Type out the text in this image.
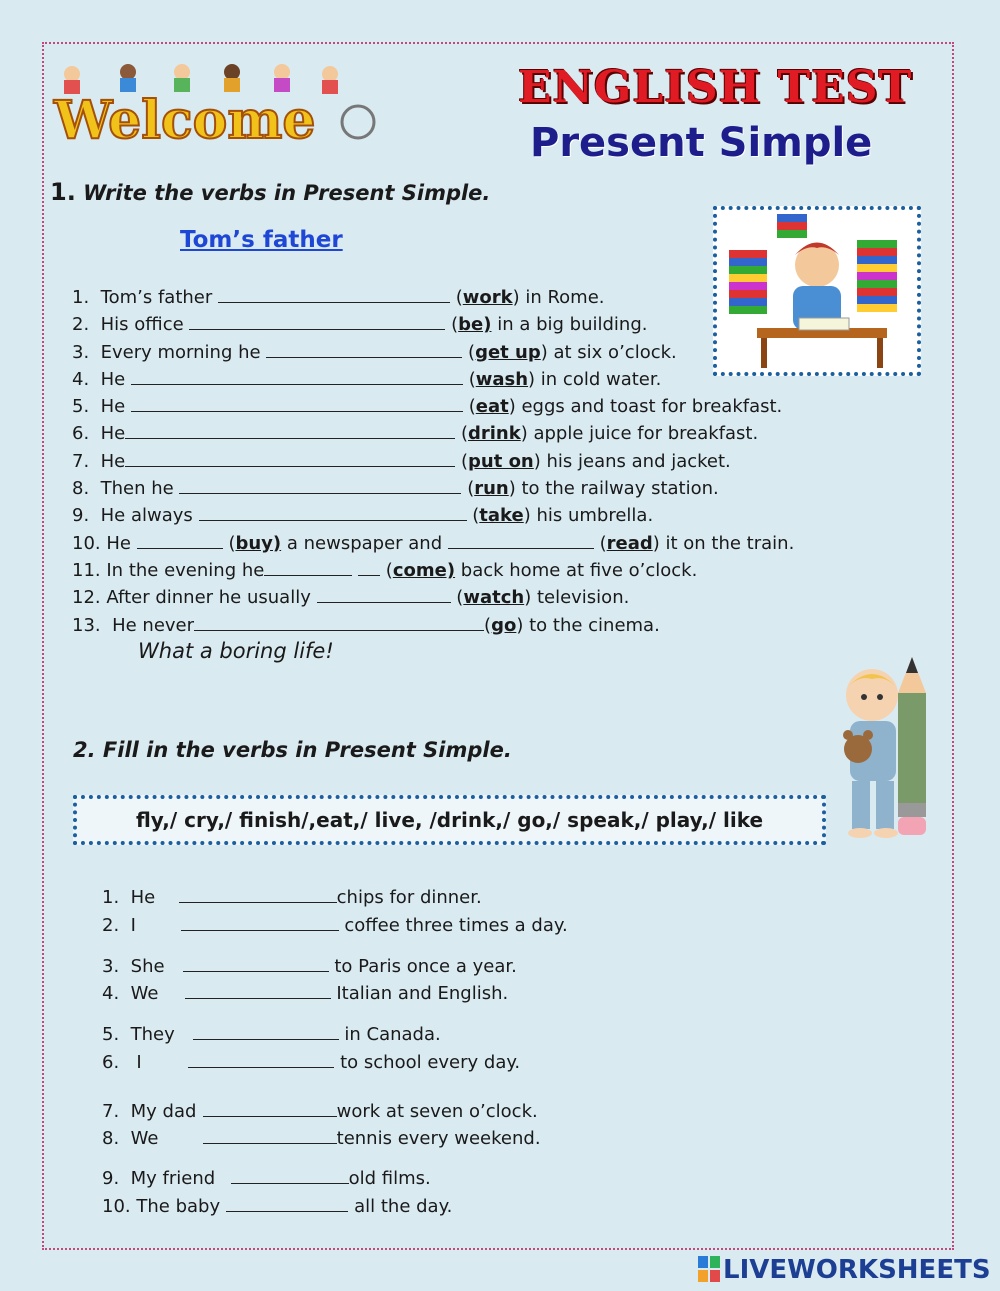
Welcome

ENGLISH TEST
Present Simple
1. Write the verbs in Present Simple.
Tom’s father
1. Tom’s father	(work) in Rome.
2. His office	(be) in a big building.
3. Every morning he	(get up) at six o’clock.
4. He	(wash) in cold water.
5. He	(eat) eggs and toast for breakfast.
6. He	(drink) apple juice for breakfast.
7. He	(put on) his jeans and jacket.
8. Then he	(run) to the railway station.
9. He always	(take) his umbrella.
10. He	(buy) a newspaper and	(read) it on the train.
11. In the evening he	(come) back home at five o’clock.
12. After dinner he usually	(watch) television.
13. He never	(go) to the cinema.
What a boring life!
2. Fill in the verbs in Present Simple.
fly,/ cry,/ finish/,eat,/ live, /drink,/ go,/ speak,/ play,/ like
1. He	chips for dinner.
2. I	coffee three times a day.
3. She	to Paris once a year.
4. We	Italian and English.
5. They	in Canada.
6. I	to school every day.
7. My dad	work at seven o’clock.
8. We	tennis every weekend.
9. My friend	old films.
10. The baby	all the day.
LIVEWORKSHEETS
